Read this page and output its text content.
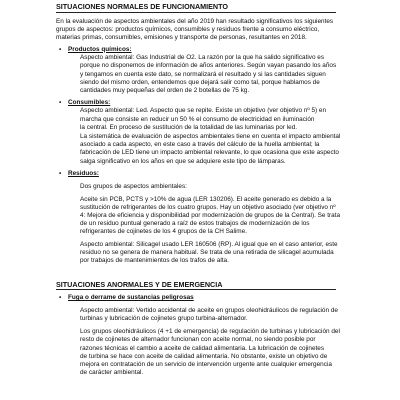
SITUACIONES NORMALES DE FUNCIONAMIENTO

En la evaluación de aspectos ambientales del año 2019 han resultado significativos los siguientes

grupos de aspectos: productos químicos, consumibles y residuos frente a consumo eléctrico,

materias primas, consumibles, emisiones y transporte de personas, resultantes en 2018.

▪ Productos químicos:

Aspecto ambiental: Gas Industrial de O2. La razón por la que ha salido significativo es

porque no disponemos de información de años anteriores. Según vayan pasando los años

y tengamos en cuenta este dato, se normalizará el resultado y si las cantidades siguen

siendo del mismo orden, entendemos que dejará salir como tal, porque hablamos de

cantidades muy pequeñas del orden de 2 botellas de 75 kg.

▪ Consumibles:

Aspecto ambiental: Led. Aspecto que se repite. Existe un objetivo (ver objetivo nº 5) en

marcha que consiste en reducir un 50 % el consumo de electricidad en iluminación

la central. En proceso de sustitución de la totalidad de las luminarias por led.

La sistemática de evaluación de aspectos ambientales tiene en cuenta el impacto ambiental

asociado a cada aspecto, en este caso a través del cálculo de la huella ambiental; la

fabricación de LED tiene un impacto ambiental relevante, lo que ocasiona que este aspecto

salga significativo en los años en que se adquiere este tipo de lámparas.

▪ Residuos:

Dos grupos de aspectos ambientales:

Aceite sin PCB, PCTS y >10% de agua (LER 130206). El aceite generado es debido a la

sustitución de refrigerantes de los cuatro grupos. Hay un objetivo asociado (ver objetivo nº

4: Mejora de eficiencia y disponibilidad por modernización de grupos de la Central). Se trata

de un residuo puntual generado a raíz de estos trabajos de modernización de los

refrigerantes de cojinetes de los 4 grupos de la CH Salime.

Aspecto ambiental: Silicagel usado LER 160506 (RP). Al igual que en el caso anterior, este

residuo no se genera de manera habitual. Se trata de una retirada de silicagel acumulada

por trabajos de mantenimientos de los trafos de alta.

SITUACIONES ANORMALES Y DE EMERGENCIA
▪ Fuga o derrame de sustancias peligrosas

Aspecto ambiental: Vertido accidental de aceite en grupos oleohidráulicos de regulación de

turbinas y lubricación de cojinetes grupo turbina-alternador.

Los grupos oleohidráulicos (4 +1 de emergencia) de regulación de turbinas y lubricación del

resto de cojinetes de alternador funcionan con aceite normal, no siendo posible por

razones técnicas el cambio a aceite de calidad alimentaria. La lubricación de cojinetes

de turbina se hace con aceite de calidad alimentaria. No obstante, existe un objetivo de

mejora en contratación de un servicio de intervención urgente ante cualquier emergencia

de carácter ambiental.
